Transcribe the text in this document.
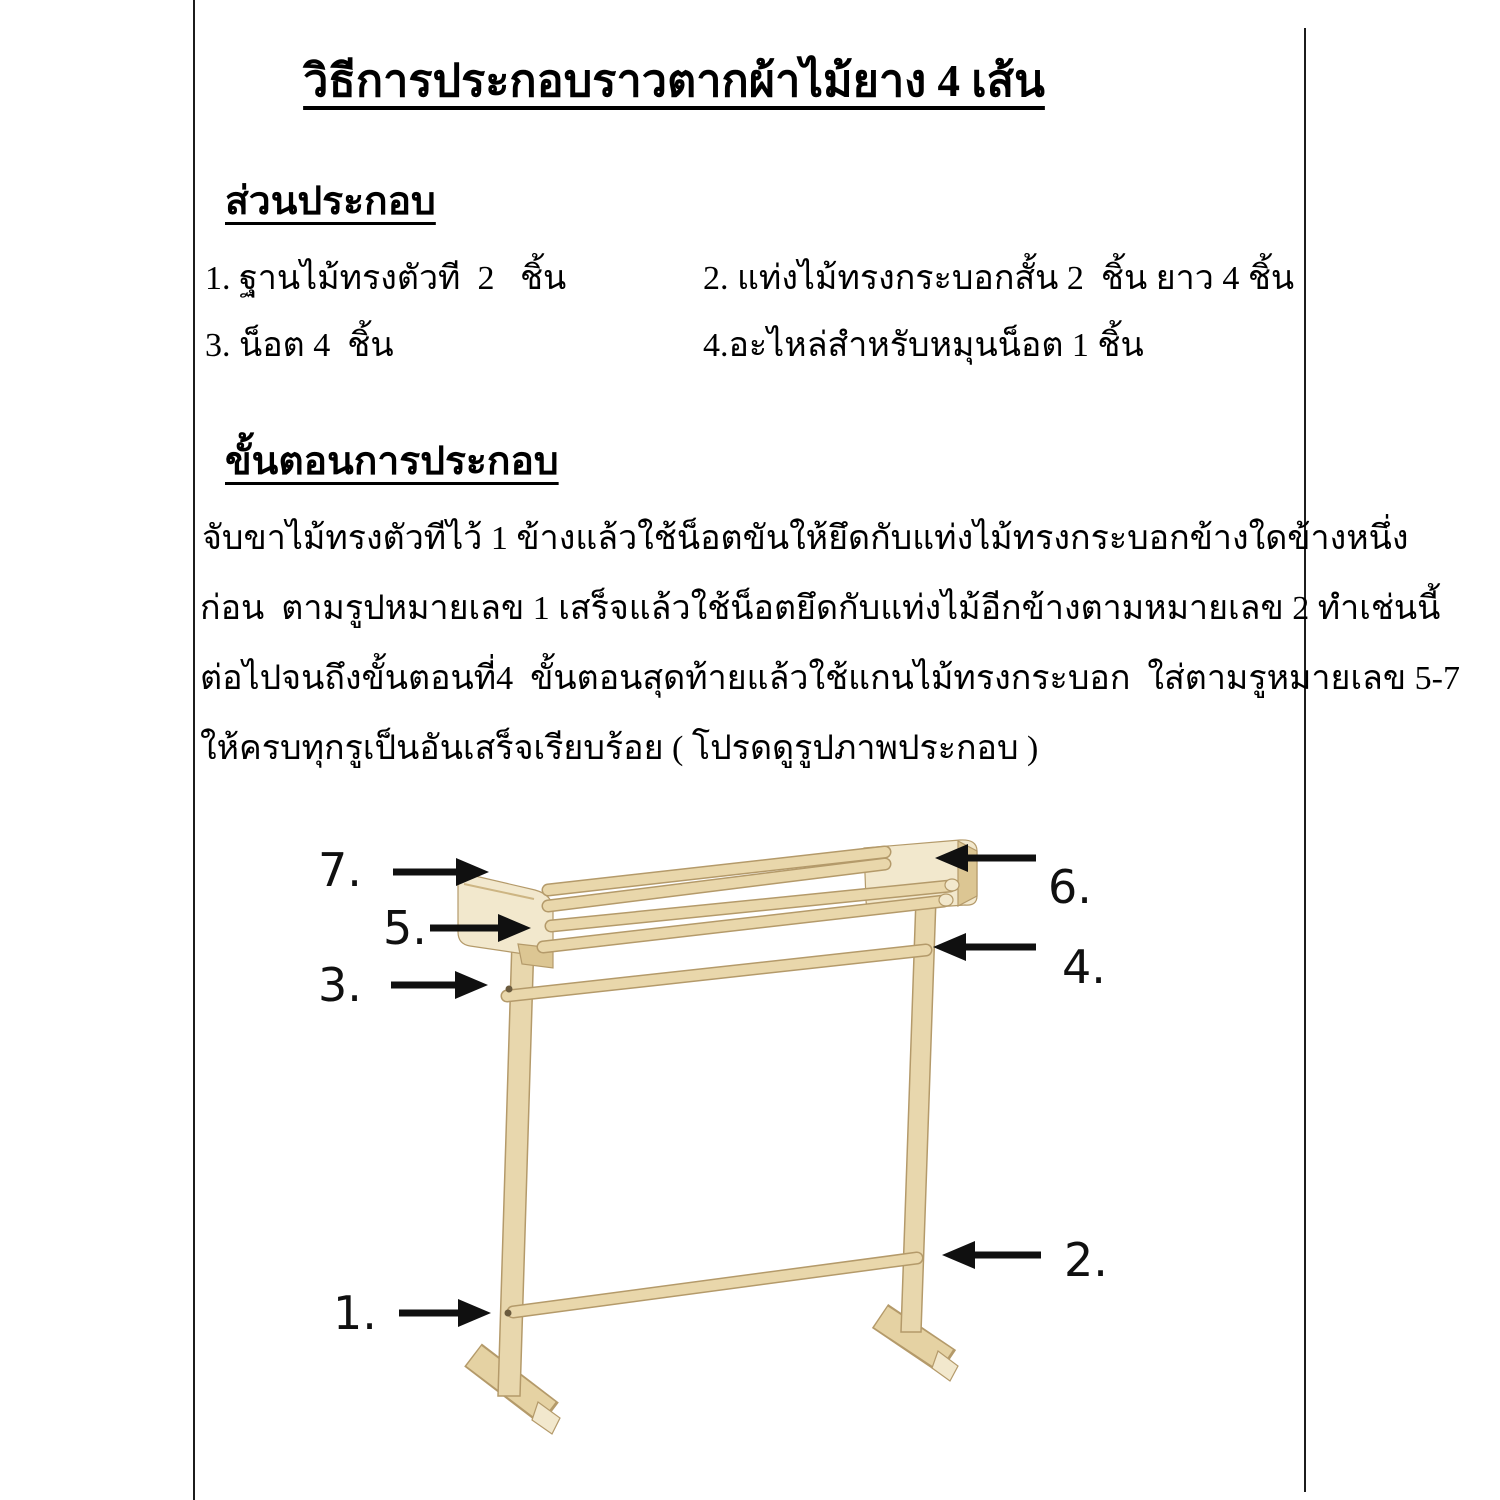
วิธีการประกอบราวตากผ้าไม้ยาง 4 เส้น
ส่วนประกอบ
1. ฐานไม้ทรงตัวที  2   ชิ้น	2. แท่งไม้ทรงกระบอกสั้น 2  ชิ้น ยาว 4 ชิ้น
3. น็อต 4  ชิ้น	4.อะไหล่สำหรับหมุนน็อต 1 ชิ้น
ขั้นตอนการประกอบ
จับขาไม้ทรงตัวทีไว้ 1 ข้างแล้วใช้น็อตขันให้ยึดกับแท่งไม้ทรงกระบอกข้างใดข้างหนึ่ง
ก่อน  ตามรูปหมายเลข 1 เสร็จแล้วใช้น็อตยึดกับแท่งไม้อีกข้างตามหมายเลข 2 ทำเช่นนี้
ต่อไปจนถึงขั้นตอนที่4  ขั้นตอนสุดท้ายแล้วใช้แกนไม้ทรงกระบอก  ใส่ตามรูหมายเลข 5-7
ให้ครบทุกรูเป็นอันเสร็จเรียบร้อย ( โปรดดูรูปภาพประกอบ )
7.	6.
5.
4.
3.
2.
1.
